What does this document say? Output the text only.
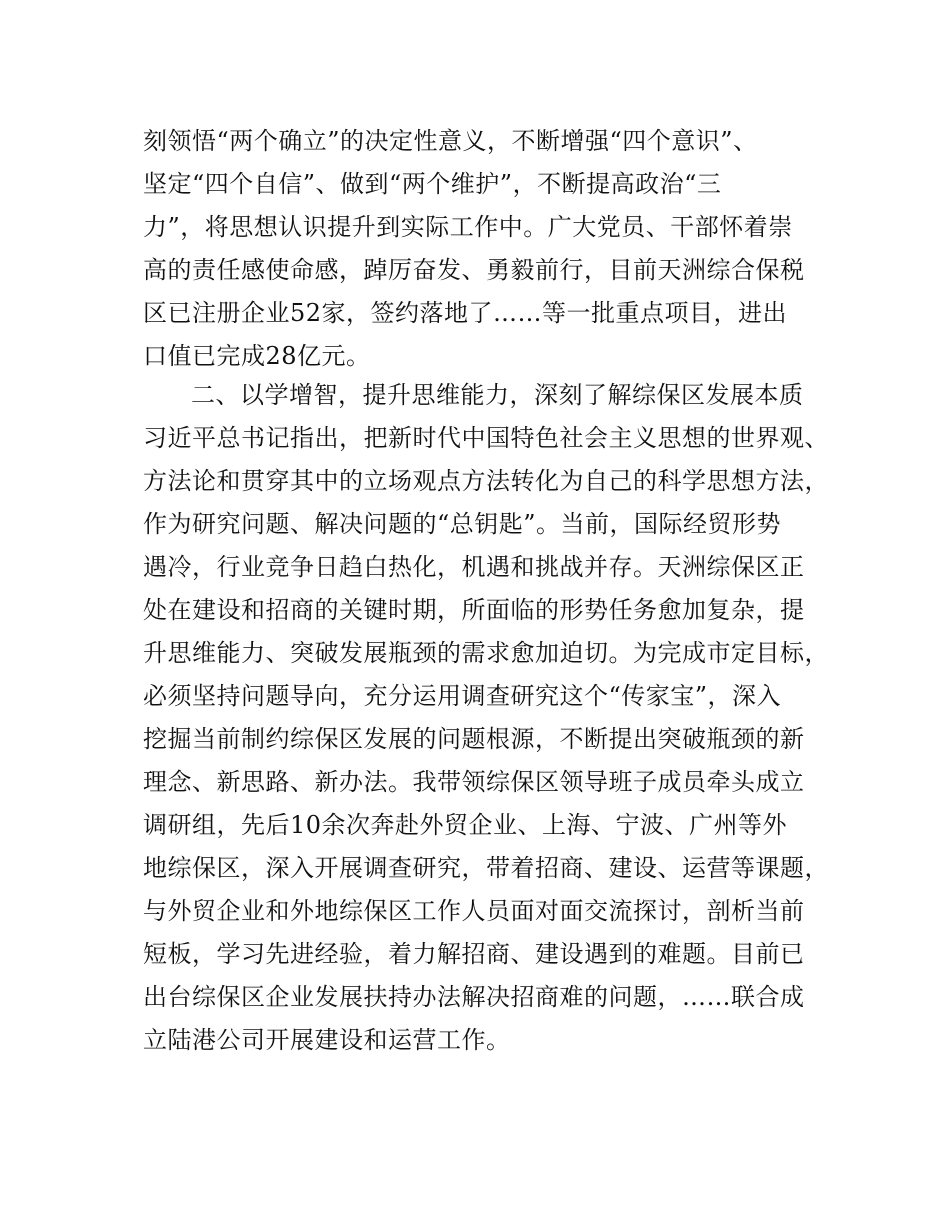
刻领悟“两个确立”的决定性意义，不断增强“四个意识”、
坚定“四个自信”、做到“两个维护”，不断提高政治“三
力”，将思想认识提升到实际工作中。广大党员、干部怀着崇
高的责任感使命感，踔厉奋发、勇毅前行，目前天洲综合保税
区已注册企业52家，签约落地了……等一批重点项目，进出
口值已完成28亿元。
二、以学增智，提升思维能力，深刻了解综保区发展本质
习近平总书记指出，把新时代中国特色社会主义思想的世界观、
方法论和贯穿其中的立场观点方法转化为自己的科学思想方法，
作为研究问题、解决问题的“总钥匙”。当前，国际经贸形势
遇冷，行业竞争日趋白热化，机遇和挑战并存。天洲综保区正
处在建设和招商的关键时期，所面临的形势任务愈加复杂，提
升思维能力、突破发展瓶颈的需求愈加迫切。为完成市定目标，
必须坚持问题导向，充分运用调查研究这个“传家宝”，深入
挖掘当前制约综保区发展的问题根源，不断提出突破瓶颈的新
理念、新思路、新办法。我带领综保区领导班子成员牵头成立
调研组，先后10余次奔赴外贸企业、上海、宁波、广州等外
地综保区，深入开展调查研究，带着招商、建设、运营等课题，
与外贸企业和外地综保区工作人员面对面交流探讨，剖析当前
短板，学习先进经验，着力解招商、建设遇到的难题。目前已
出台综保区企业发展扶持办法解决招商难的问题，……联合成
立陆港公司开展建设和运营工作。
